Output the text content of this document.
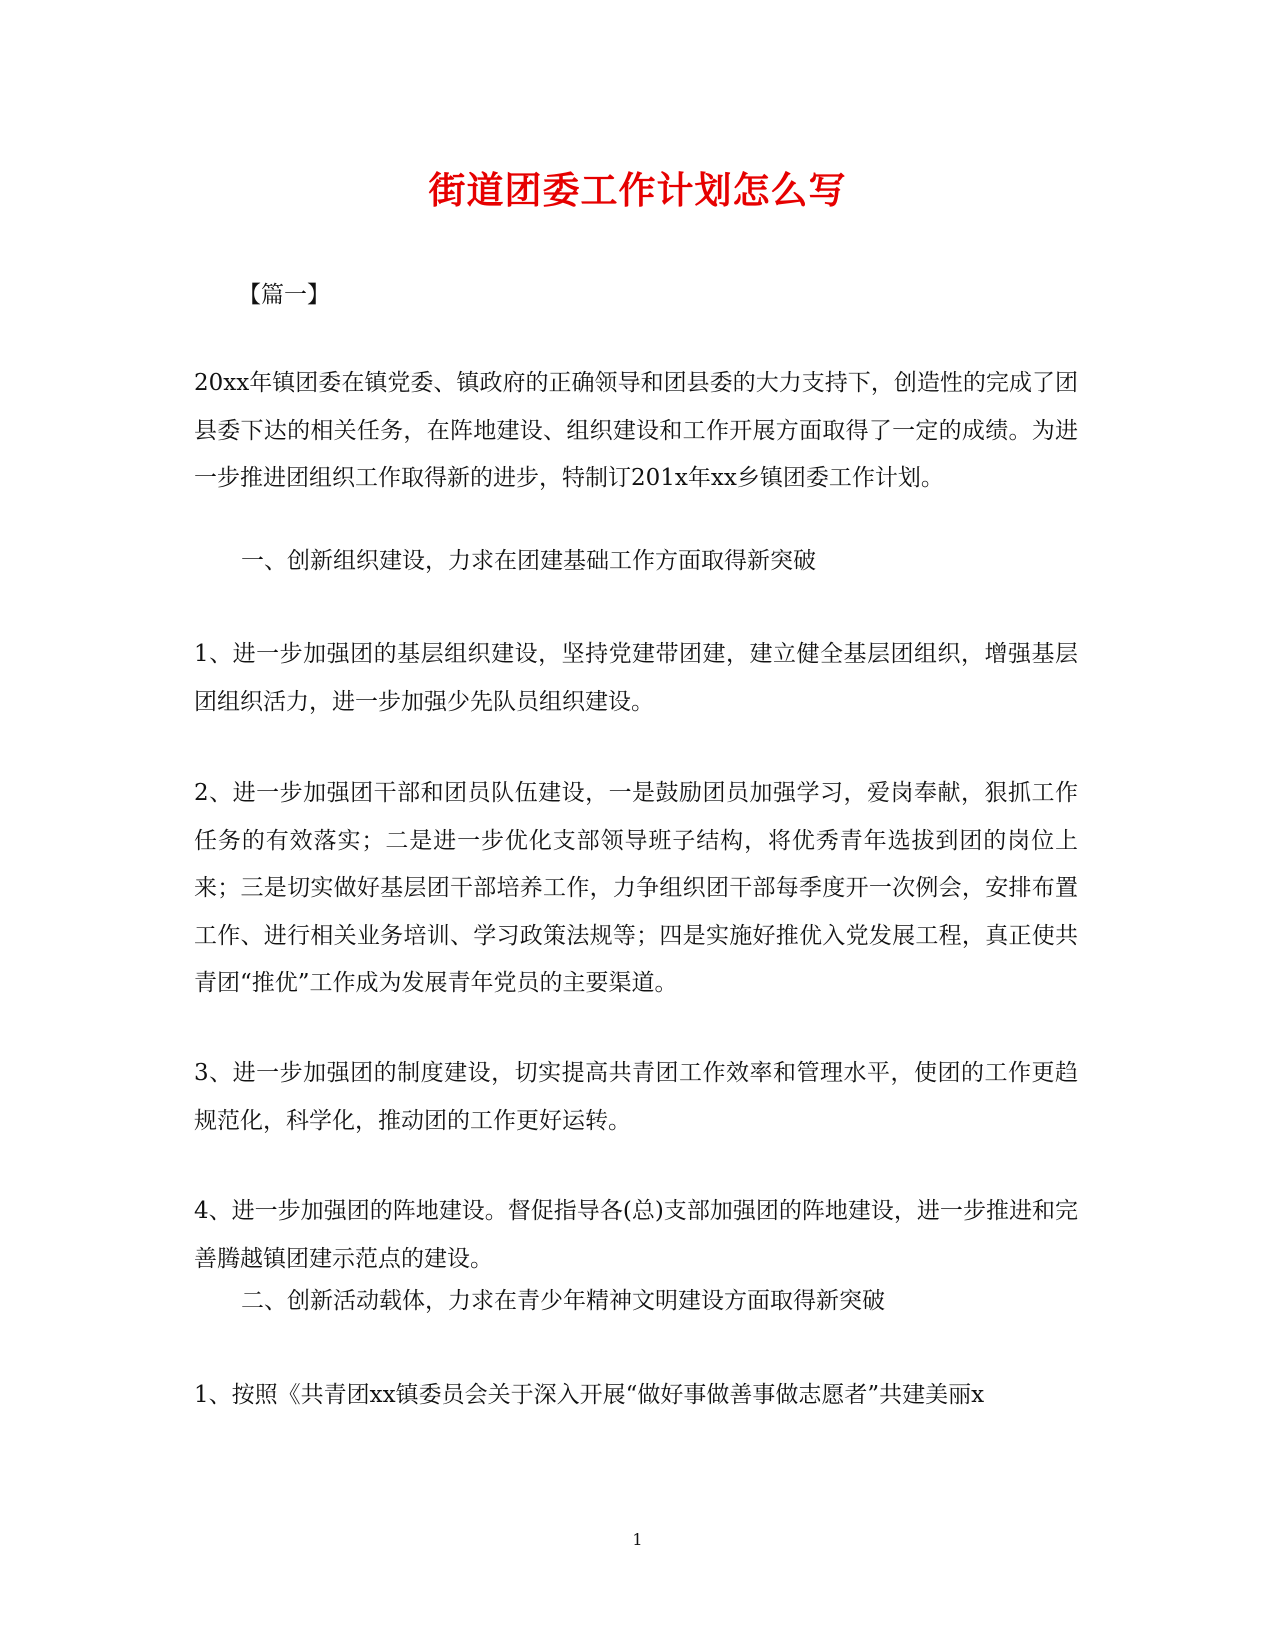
街道团委工作计划怎么写
【篇一】

20xx年镇团委在镇党委、镇政府的正确领导和团县委的大力支持下，创造性的完成了团县委下达的相关任务，在阵地建设、组织建设和工作开展方面取得了一定的成绩。为进一步推进团组织工作取得新的进步，特制订201x年xx乡镇团委工作计划。

一、创新组织建设，力求在团建基础工作方面取得新突破

1、进一步加强团的基层组织建设，坚持党建带团建，建立健全基层团组织，增强基层团组织活力，进一步加强少先队员组织建设。

2、进一步加强团干部和团员队伍建设，一是鼓励团员加强学习，爱岗奉献，狠抓工作任务的有效落实；二是进一步优化支部领导班子结构，将优秀青年选拔到团的岗位上来；三是切实做好基层团干部培养工作，力争组织团干部每季度开一次例会，安排布置工作、进行相关业务培训、学习政策法规等；四是实施好推优入党发展工程，真正使共青团“推优”工作成为发展青年党员的主要渠道。

3、进一步加强团的制度建设，切实提高共青团工作效率和管理水平，使团的工作更趋规范化，科学化，推动团的工作更好运转。

4、进一步加强团的阵地建设。督促指导各(总)支部加强团的阵地建设，进一步推进和完善腾越镇团建示范点的建设。

二、创新活动载体，力求在青少年精神文明建设方面取得新突破

1、按照《共青团xx镇委员会关于深入开展“做好事做善事做志愿者”共建美丽x

1
